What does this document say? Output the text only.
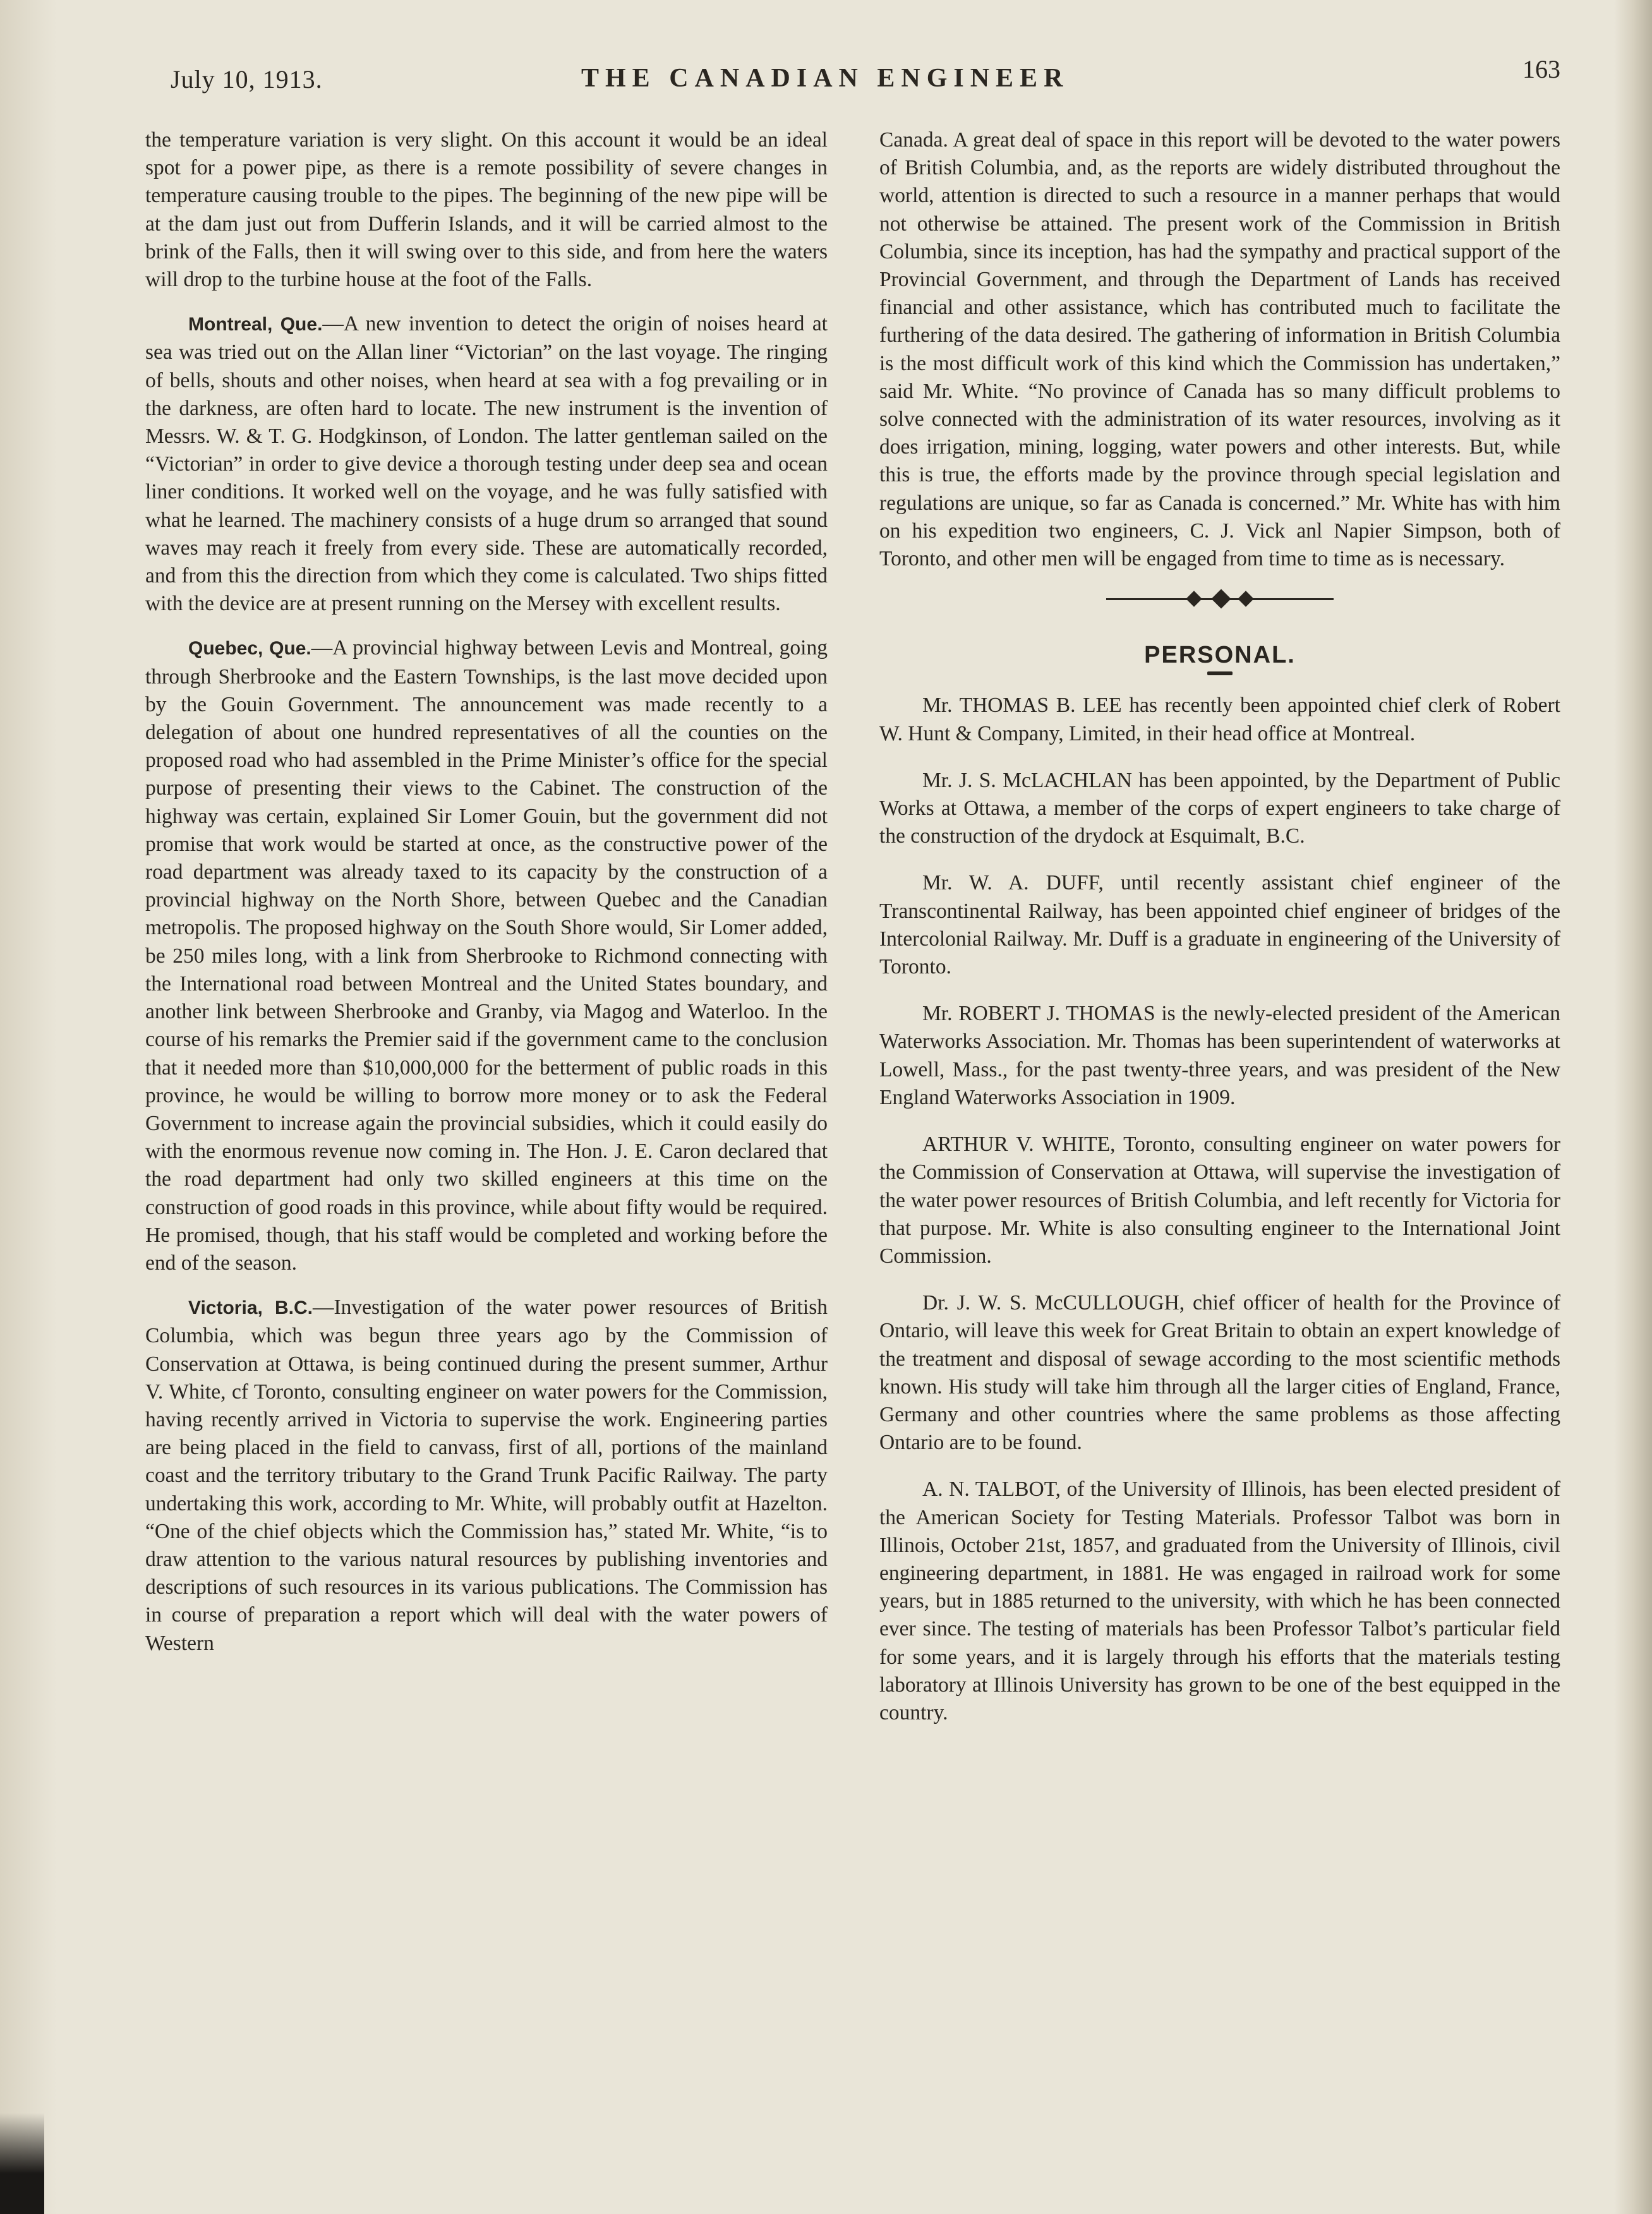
July 10, 1913.	THE CANADIAN ENGINEER	163

the temperature variation is very slight. On this account it would be an ideal spot for a power pipe, as there is a remote possibility of severe changes in temperature causing trouble to the pipes. The beginning of the new pipe will be at the dam just out from Dufferin Islands, and it will be carried almost to the brink of the Falls, then it will swing over to this side, and from here the waters will drop to the turbine house at the foot of the Falls.

Montreal, Que.—A new invention to detect the origin of noises heard at sea was tried out on the Allan liner “Victorian” on the last voyage. The ringing of bells, shouts and other noises, when heard at sea with a fog prevailing or in the darkness, are often hard to locate. The new instrument is the invention of Messrs. W. & T. G. Hodgkinson, of London. The latter gentleman sailed on the “Victorian” in order to give device a thorough testing under deep sea and ocean liner conditions. It worked well on the voyage, and he was fully satisfied with what he learned. The machinery consists of a huge drum so arranged that sound waves may reach it freely from every side. These are automatically recorded, and from this the direction from which they come is calculated. Two ships fitted with the device are at present running on the Mersey with excellent results.

Quebec, Que.—A provincial highway between Levis and Montreal, going through Sherbrooke and the Eastern Townships, is the last move decided upon by the Gouin Government. The announcement was made recently to a delegation of about one hundred representatives of all the counties on the proposed road who had assembled in the Prime Minister’s office for the special purpose of presenting their views to the Cabinet. The construction of the highway was certain, explained Sir Lomer Gouin, but the government did not promise that work would be started at once, as the constructive power of the road department was already taxed to its capacity by the construction of a provincial highway on the North Shore, between Quebec and the Canadian metropolis. The proposed highway on the South Shore would, Sir Lomer added, be 250 miles long, with a link from Sherbrooke to Richmond connecting with the International road between Montreal and the United States boundary, and another link between Sherbrooke and Granby, via Magog and Waterloo. In the course of his remarks the Premier said if the government came to the conclusion that it needed more than $10,000,000 for the betterment of public roads in this province, he would be willing to borrow more money or to ask the Federal Government to increase again the provincial subsidies, which it could easily do with the enormous revenue now coming in. The Hon. J. E. Caron declared that the road department had only two skilled engineers at this time on the construction of good roads in this province, while about fifty would be required. He promised, though, that his staff would be completed and working before the end of the season.

Victoria, B.C.—Investigation of the water power resources of British Columbia, which was begun three years ago by the Commission of Conservation at Ottawa, is being continued during the present summer, Arthur V. White, cf Toronto, consulting engineer on water powers for the Commission, having recently arrived in Victoria to supervise the work. Engineering parties are being placed in the field to canvass, first of all, portions of the mainland coast and the territory tributary to the Grand Trunk Pacific Railway. The party undertaking this work, according to Mr. White, will probably outfit at Hazelton. “One of the chief objects which the Commission has,” stated Mr. White, “is to draw attention to the various natural resources by publishing inventories and descriptions of such resources in its various publications. The Commission has in course of preparation a report which will deal with the water powers of Western

Canada. A great deal of space in this report will be devoted to the water powers of British Columbia, and, as the reports are widely distributed throughout the world, attention is directed to such a resource in a manner perhaps that would not otherwise be attained. The present work of the Commission in British Columbia, since its inception, has had the sympathy and practical support of the Provincial Government, and through the Department of Lands has received financial and other assistance, which has contributed much to facilitate the furthering of the data desired. The gathering of information in British Columbia is the most difficult work of this kind which the Commission has undertaken,” said Mr. White. “No province of Canada has so many difficult problems to solve connected with the administration of its water resources, involving as it does irrigation, mining, logging, water powers and other interests. But, while this is true, the efforts made by the province through special legislation and regulations are unique, so far as Canada is concerned.” Mr. White has with him on his expedition two engineers, C. J. Vick anl Napier Simpson, both of Toronto, and other men will be engaged from time to time as is necessary.

PERSONAL.

Mr. THOMAS B. LEE has recently been appointed chief clerk of Robert W. Hunt & Company, Limited, in their head office at Montreal.

Mr. J. S. McLACHLAN has been appointed, by the Department of Public Works at Ottawa, a member of the corps of expert engineers to take charge of the construction of the drydock at Esquimalt, B.C.

Mr. W. A. DUFF, until recently assistant chief engineer of the Transcontinental Railway, has been appointed chief engineer of bridges of the Intercolonial Railway. Mr. Duff is a graduate in engineering of the University of Toronto.

Mr. ROBERT J. THOMAS is the newly-elected president of the American Waterworks Association. Mr. Thomas has been superintendent of waterworks at Lowell, Mass., for the past twenty-three years, and was president of the New England Waterworks Association in 1909.

ARTHUR V. WHITE, Toronto, consulting engineer on water powers for the Commission of Conservation at Ottawa, will supervise the investigation of the water power resources of British Columbia, and left recently for Victoria for that purpose. Mr. White is also consulting engineer to the International Joint Commission.

Dr. J. W. S. McCULLOUGH, chief officer of health for the Province of Ontario, will leave this week for Great Britain to obtain an expert knowledge of the treatment and disposal of sewage according to the most scientific methods known. His study will take him through all the larger cities of England, France, Germany and other countries where the same problems as those affecting Ontario are to be found.

A. N. TALBOT, of the University of Illinois, has been elected president of the American Society for Testing Materials. Professor Talbot was born in Illinois, October 21st, 1857, and graduated from the University of Illinois, civil engineering department, in 1881. He was engaged in railroad work for some years, but in 1885 returned to the university, with which he has been connected ever since. The testing of materials has been Professor Talbot’s particular field for some years, and it is largely through his efforts that the materials testing laboratory at Illinois University has grown to be one of the best equipped in the country.
